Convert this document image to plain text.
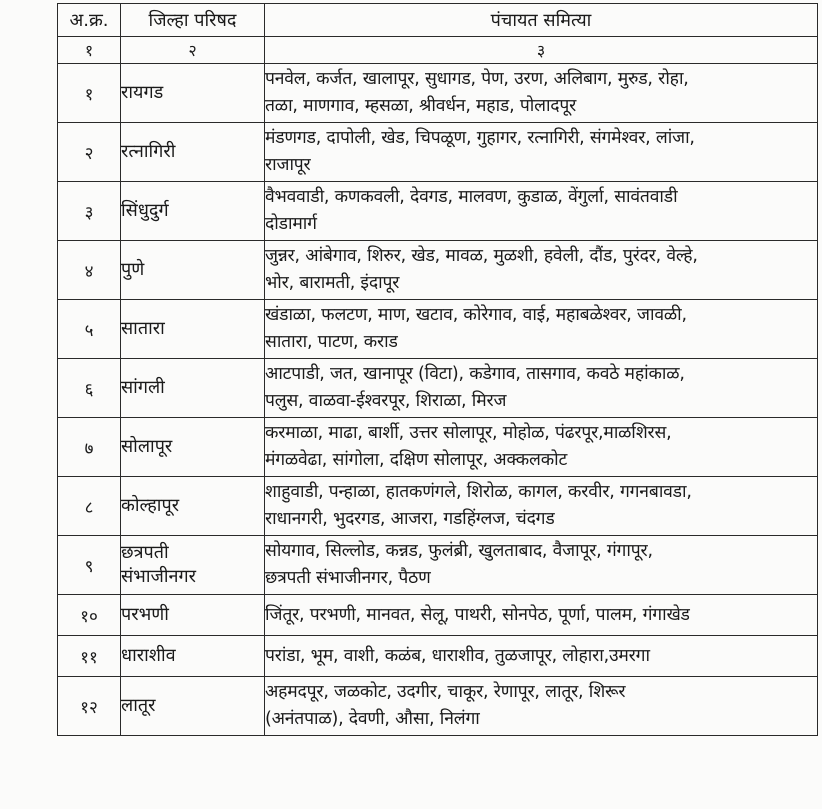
अ.क्र.	जिल्हा परिषद	पंचायत समित्या
१	२	३
१	रायगड	पनवेल, कर्जत, खालापूर, सुधागड, पेण, उरण, अलिबाग, मुरुड, रोहा,
तळा, माणगाव, म्हसळा, श्रीवर्धन, महाड, पोलादपूर

२	रत्नागिरी	मंडणगड, दापोली, खेड, चिपळूण, गुहागर, रत्नागिरी, संगमेश्वर, लांजा,
राजापूर

३	सिंधुदुर्ग	वैभववाडी, कणकवली, देवगड, मालवण, कुडाळ, वेंगुर्ला, सावंतवाडी
दोडामार्ग

४	पुणे	जुन्नर, आंबेगाव, शिरुर, खेड, मावळ, मुळशी, हवेली, दौंड, पुरंदर, वेल्हे,
भोर, बारामती, इंदापूर

५	सातारा	खंडाळा, फलटण, माण, खटाव, कोरेगाव, वाई, महाबळेश्वर, जावळी,
सातारा, पाटण, कराड

६	सांगली	आटपाडी, जत, खानापूर (विटा), कडेगाव, तासगाव, कवठे महांकाळ,
पलुस, वाळवा-ईश्वरपूर, शिराळा, मिरज

७	सोलापूर	करमाळा, माढा, बार्शी, उत्तर सोलापूर, मोहोळ, पंढरपूर,माळशिरस,
मंगळवेढा, सांगोला, दक्षिण सोलापूर, अक्कलकोट

८	कोल्हापूर	शाहुवाडी, पन्हाळा, हातकणंगले, शिरोळ, कागल, करवीर, गगनबावडा,
राधानगरी, भुदरगड, आजरा, गडहिंग्लज, चंदगड

९	छत्रपती
संभाजीनगर	सोयगाव, सिल्लोड, कन्नड, फुलंब्री, खुलताबाद, वैजापूर, गंगापूर,
छत्रपती संभाजीनगर, पैठण

१०	परभणी	जिंतूर, परभणी, मानवत, सेलू, पाथरी, सोनपेठ, पूर्णा, पालम, गंगाखेड

११	धाराशीव	परांडा, भूम, वाशी, कळंब, धाराशीव, तुळजापूर, लोहारा,उमरगा

१२	लातूर	अहमदपूर, जळकोट, उदगीर, चाकूर, रेणापूर, लातूर, शिरूर
(अनंतपाळ), देवणी, औसा, निलंगा
